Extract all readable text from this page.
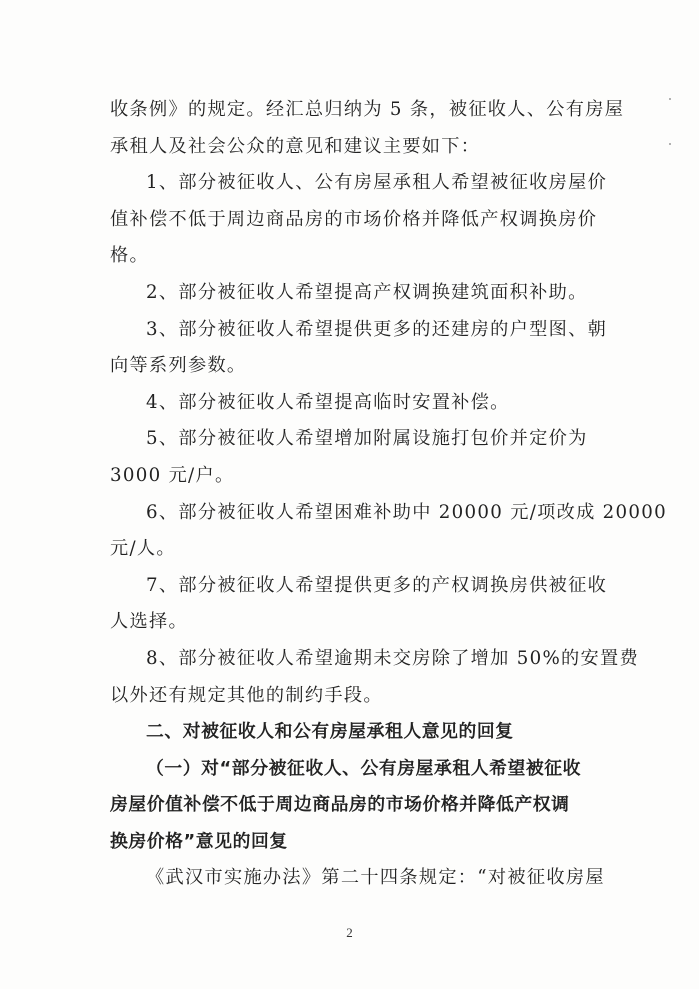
收条例》的规定。经汇总归纳为 5 条，被征收人、公有房屋
承租人及社会公众的意见和建议主要如下：
1、部分被征收人、公有房屋承租人希望被征收房屋价
值补偿不低于周边商品房的市场价格并降低产权调换房价
格。
2、部分被征收人希望提高产权调换建筑面积补助。
3、部分被征收人希望提供更多的还建房的户型图、朝
向等系列参数。
4、部分被征收人希望提高临时安置补偿。
5、部分被征收人希望增加附属设施打包价并定价为
3000 元/户。
6、部分被征收人希望困难补助中 20000 元/项改成 20000
元/人。
7、部分被征收人希望提供更多的产权调换房供被征收
人选择。
8、部分被征收人希望逾期未交房除了增加 50%的安置费
以外还有规定其他的制约手段。
二、对被征收人和公有房屋承租人意见的回复
（一）对“部分被征收人、公有房屋承租人希望被征收
房屋价值补偿不低于周边商品房的市场价格并降低产权调
换房价格”意见的回复
《武汉市实施办法》第二十四条规定：“对被征收房屋
2
